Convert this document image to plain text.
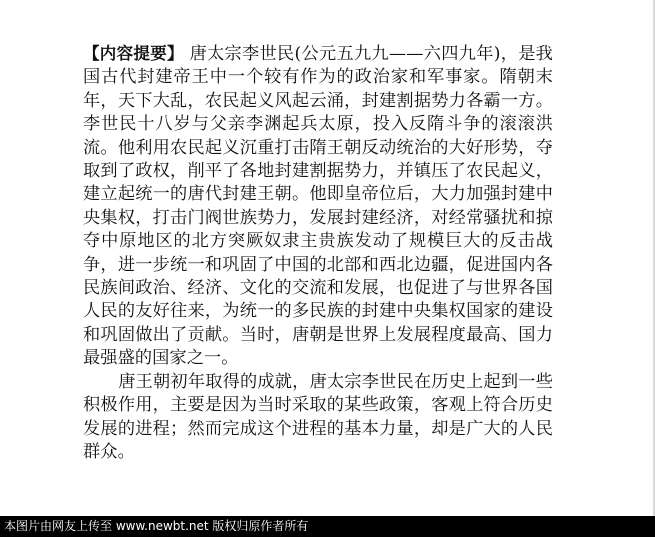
【内容提要】 唐太宗李世民(公元五九九——六四九年)，是我国古代封建帝王中一个较有作为的政治家和军事家。隋朝末年，天下大乱，农民起义风起云涌，封建割据势力各霸一方。李世民十八岁与父亲李渊起兵太原，投入反隋斗争的滚滚洪流。他利用农民起义沉重打击隋王朝反动统治的大好形势，夺取到了政权，削平了各地封建割据势力，并镇压了农民起义，建立起统一的唐代封建王朝。他即皇帝位后，大力加强封建中央集权，打击门阀世族势力，发展封建经济，对经常骚扰和掠夺中原地区的北方突厥奴隶主贵族发动了规模巨大的反击战争，进一步统一和巩固了中国的北部和西北边疆，促进国内各民族间政治、经济、文化的交流和发展，也促进了与世界各国人民的友好往来，为统一的多民族的封建中央集权国家的建设和巩固做出了贡献。当时，唐朝是世界上发展程度最高、国力最强盛的国家之一。

唐王朝初年取得的成就，唐太宗李世民在历史上起到一些积极作用，主要是因为当时采取的某些政策，客观上符合历史发展的进程；然而完成这个进程的基本力量，却是广大的人民群众。

本图片由网友上传至 www.newbt.net 版权归原作者所有
